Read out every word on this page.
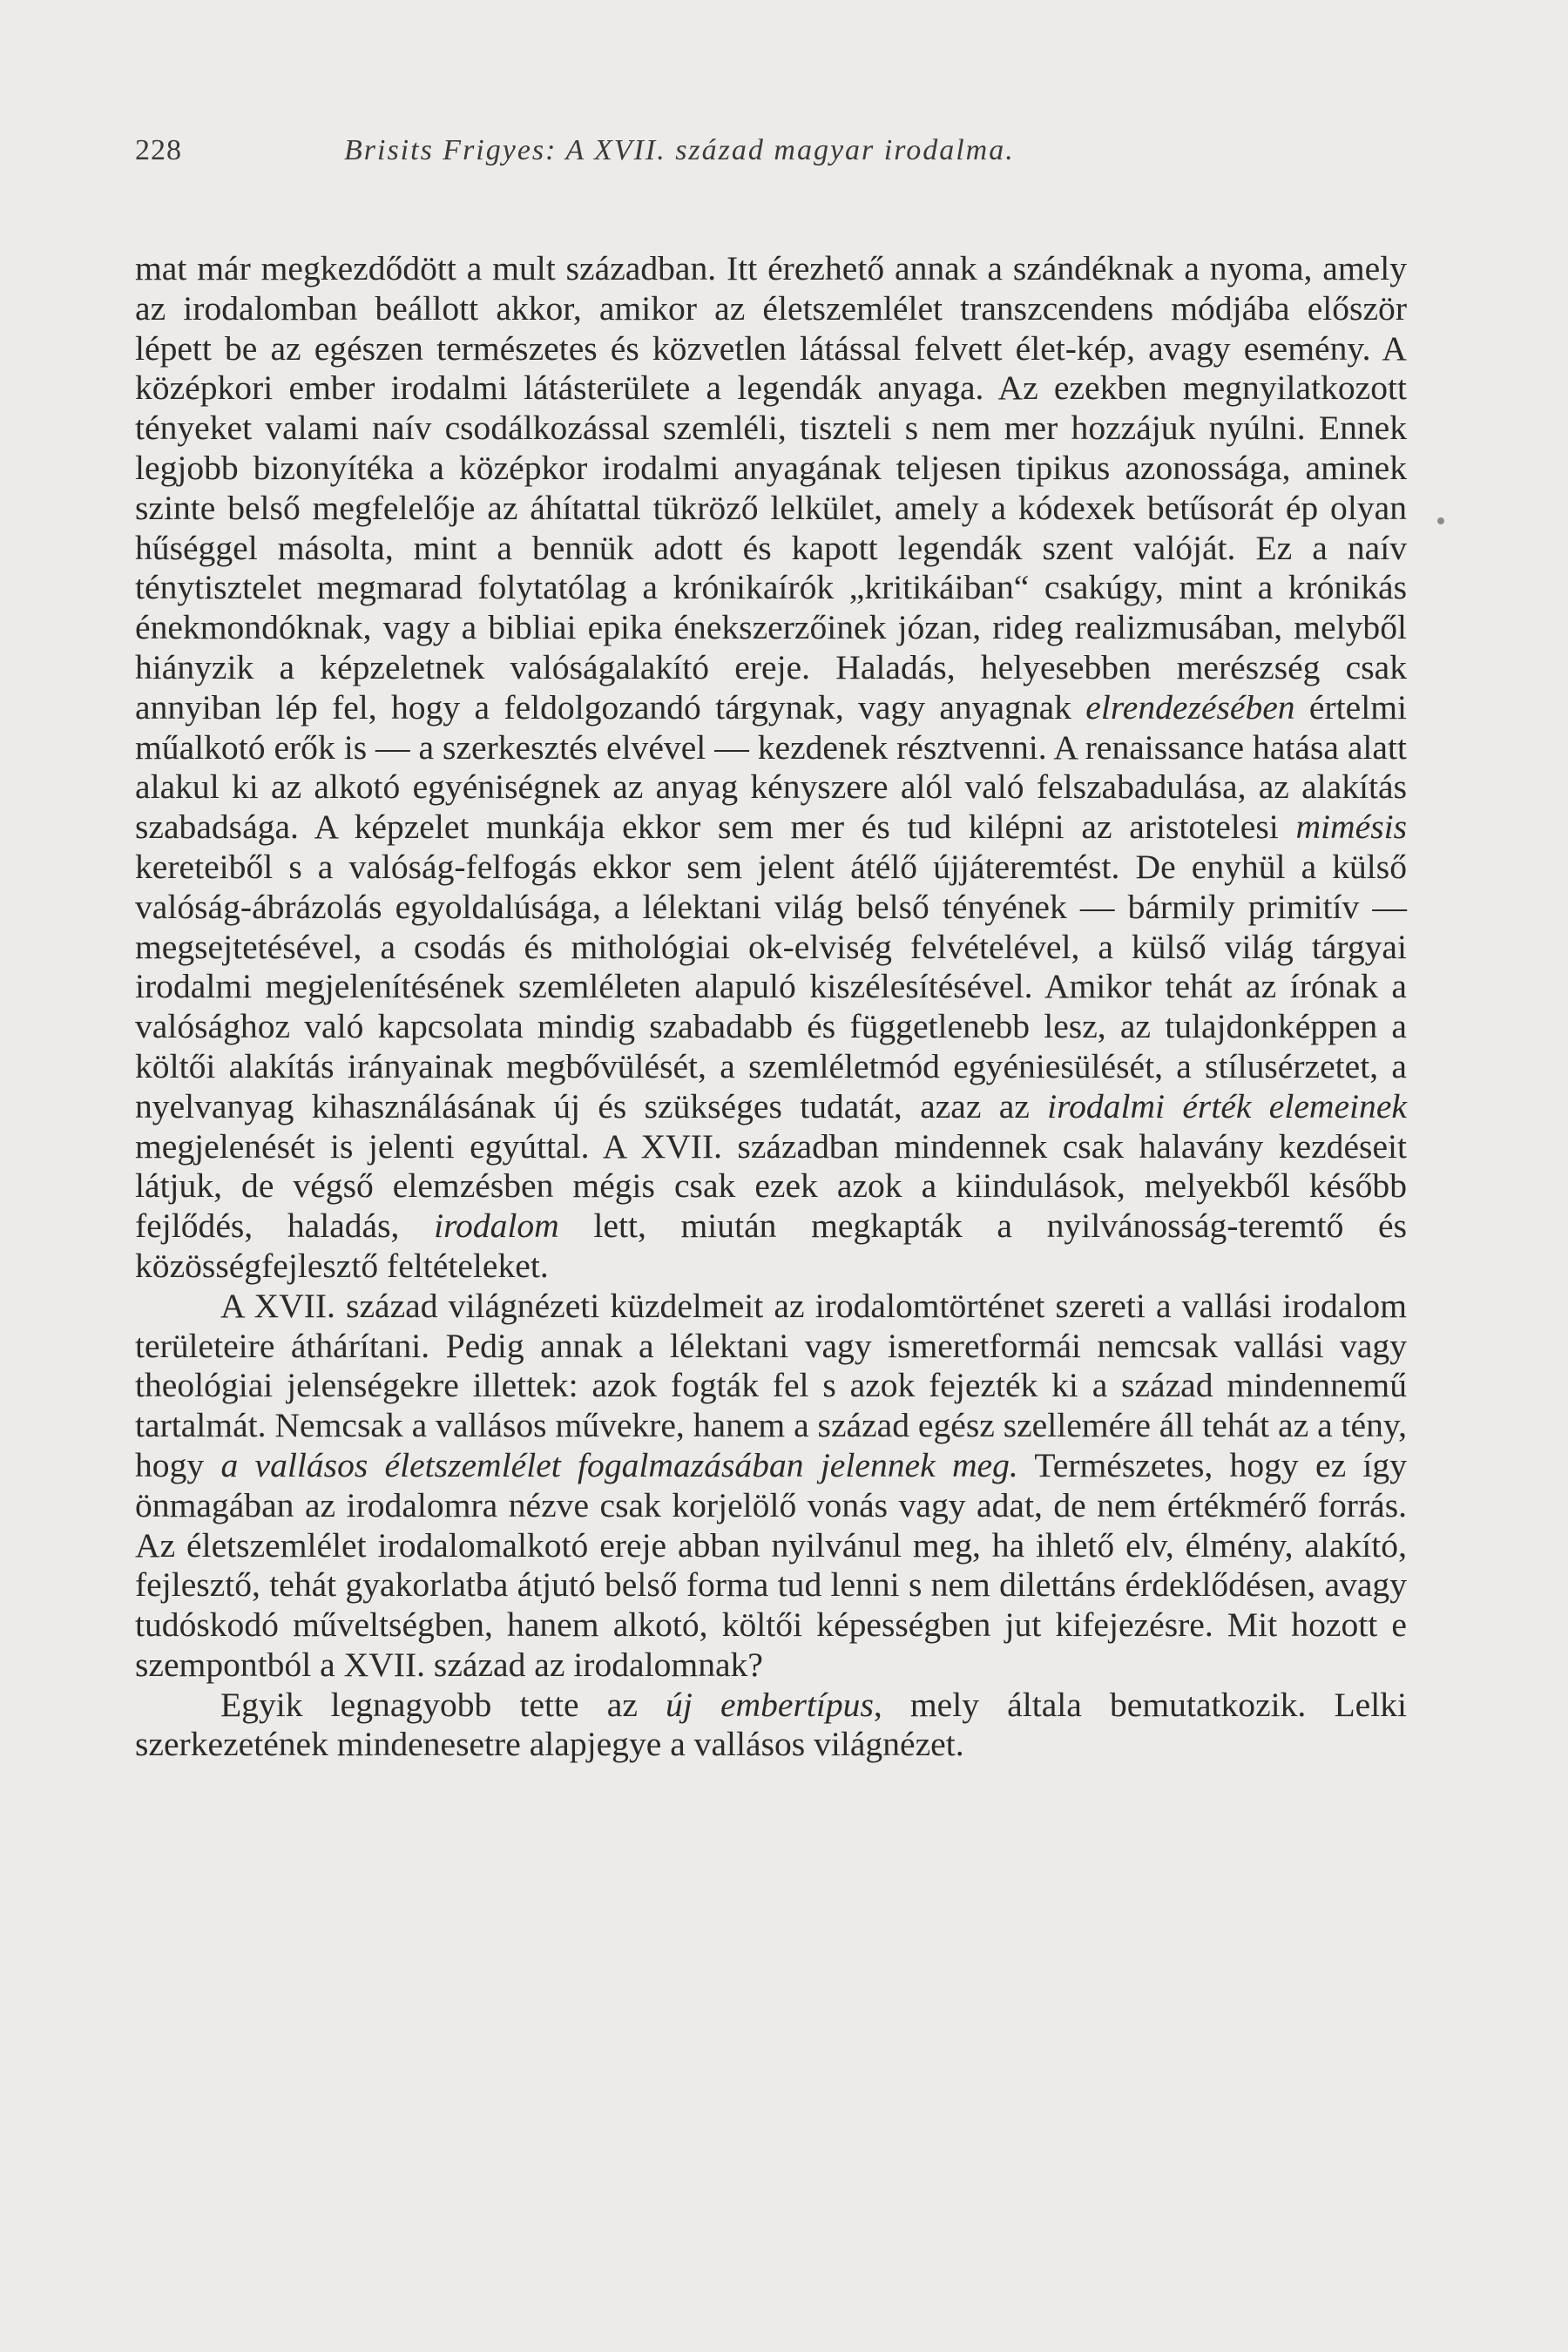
228	Brisits Frigyes: A XVII. század magyar irodalma.

mat már megkezdődött a mult században. Itt érezhető annak a szándéknak a nyoma, amely az irodalomban beállott akkor, amikor az életszemlélet transzcendens módjába először lépett be az egészen természetes és közvetlen látással felvett élet-kép, avagy esemény. A középkori ember irodalmi látásterülete a legendák anyaga. Az ezekben megnyilatkozott tényeket valami naív csodálkozással szemléli, tiszteli s nem mer hozzájuk nyúlni. Ennek legjobb bizonyítéka a középkor irodalmi anyagának teljesen tipikus azonossága, aminek szinte belső megfelelője az áhítattal tükröző lelkület, amely a kódexek betűsorát ép olyan hűséggel másolta, mint a bennük adott és kapott legendák szent valóját. Ez a naív ténytisztelet megmarad folytatólag a krónikaírók „kritikáiban“ csakúgy, mint a krónikás énekmondóknak, vagy a bibliai epika énekszerzőinek józan, rideg realizmusában, melyből hiányzik a képzeletnek valóságalakító ereje. Haladás, helyesebben merészség csak annyiban lép fel, hogy a feldolgozandó tárgynak, vagy anyagnak elrendezésében értelmi műalkotó erők is — a szerkesztés elvével — kezdenek résztvenni. A renaissance hatása alatt alakul ki az alkotó egyéniségnek az anyag kényszere alól való felszabadulása, az alakítás szabadsága. A képzelet munkája ekkor sem mer és tud kilépni az aristotelesi mimésis kereteiből s a valóság-felfogás ekkor sem jelent átélő újjáteremtést. De enyhül a külső valóság-ábrázolás egyoldalúsága, a lélektani világ belső tényének — bármily primitív — megsejtetésével, a csodás és mithológiai ok-elviség felvételével, a külső világ tárgyai irodalmi megjelenítésének szemléleten alapuló kiszélesítésével. Amikor tehát az írónak a valósághoz való kapcsolata mindig szabadabb és függetlenebb lesz, az tulajdonképpen a költői alakítás irányainak megbővülését, a szemléletmód egyéniesülését, a stílusérzetet, a nyelvanyag kihasználásának új és szükséges tudatát, azaz az irodalmi érték elemeinek megjelenését is jelenti egyúttal. A XVII. században mindennek csak halavány kezdéseit látjuk, de végső elemzésben mégis csak ezek azok a kiindulások, melyekből később fejlődés, haladás, irodalom lett, miután megkapták a nyilvánosság-teremtő és közösségfejlesztő feltételeket.

A XVII. század világnézeti küzdelmeit az irodalomtörténet szereti a vallási irodalom területeire áthárítani. Pedig annak a lélektani vagy ismeretformái nemcsak vallási vagy theológiai jelenségekre illettek: azok fogták fel s azok fejezték ki a század mindennemű tartalmát. Nemcsak a vallásos művekre, hanem a század egész szellemére áll tehát az a tény, hogy a vallásos életszemlélet fogalmazásában jelennek meg. Természetes, hogy ez így önmagában az irodalomra nézve csak korjelölő vonás vagy adat, de nem értékmérő forrás. Az életszemlélet irodalomalkotó ereje abban nyilvánul meg, ha ihlető elv, élmény, alakító, fejlesztő, tehát gyakorlatba átjutó belső forma tud lenni s nem dilettáns érdeklődésen, avagy tudóskodó műveltségben, hanem alkotó, költői képességben jut kifejezésre. Mit hozott e szempontból a XVII. század az irodalomnak?

Egyik legnagyobb tette az új embertípus, mely általa bemutatkozik. Lelki szerkezetének mindenesetre alapjegye a vallásos világnézet.
